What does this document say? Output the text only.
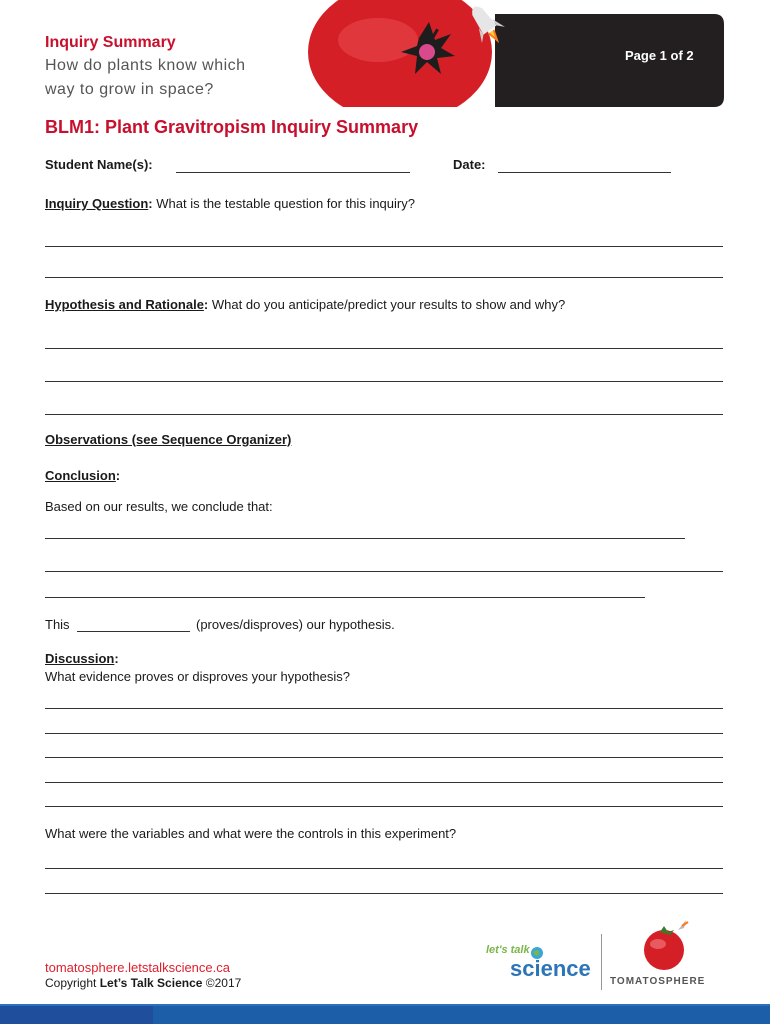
Inquiry Summary
How do plants know which
way to grow in space?
Page 1 of 2
BLM1: Plant Gravitropism Inquiry Summary
Student Name(s):	Date:
Inquiry Question: What is the testable question for this inquiry?
Hypothesis and Rationale: What do you anticipate/predict your results to show and why?
Observations (see Sequence Organizer)
Conclusion:
Based on our results, we conclude that:
This	(proves/disproves) our hypothesis.
Discussion:
What evidence proves or disproves your hypothesis?
What were the variables and what were the controls in this experiment?
tomatosphere.letstalkscience.ca
Copyright Let’s Talk Science ©2017
let's talk
science
TOMATOSPHERE
